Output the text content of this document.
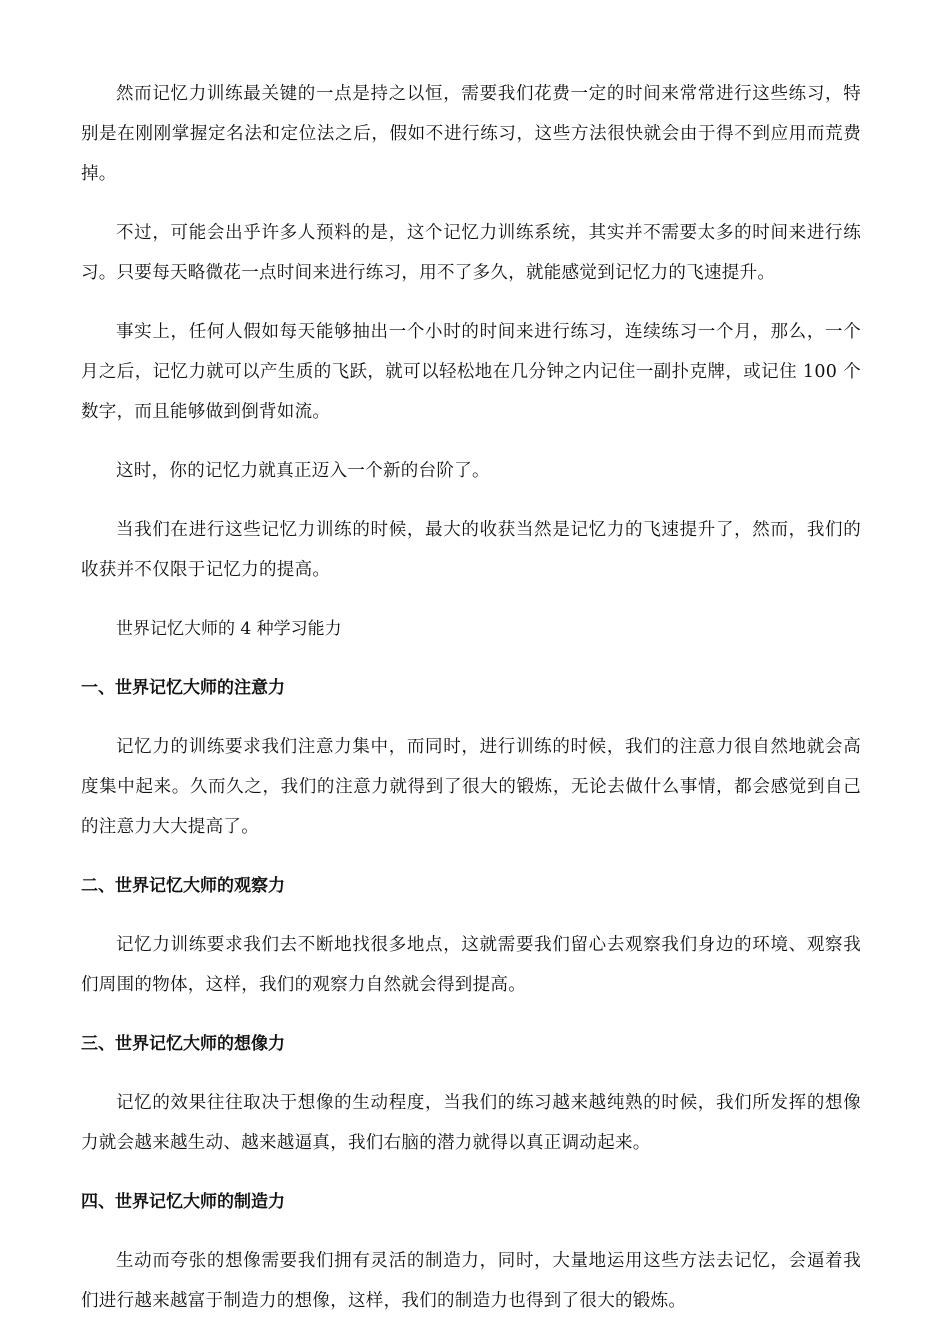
然而记忆力训练最关键的一点是持之以恒，需要我们花费一定的时间来常常进行这些练习，特别是在刚刚掌握定名法和定位法之后，假如不进行练习，这些方法很快就会由于得不到应用而荒费掉。

不过，可能会出乎许多人预料的是，这个记忆力训练系统，其实并不需要太多的时间来进行练习。只要每天略微花一点时间来进行练习，用不了多久，就能感觉到记忆力的飞速提升。

事实上，任何人假如每天能够抽出一个小时的时间来进行练习，连续练习一个月，那么，一个月之后，记忆力就可以产生质的飞跃，就可以轻松地在几分钟之内记住一副扑克牌，或记住 100 个数字，而且能够做到倒背如流。

这时，你的记忆力就真正迈入一个新的台阶了。

当我们在进行这些记忆力训练的时候，最大的收获当然是记忆力的飞速提升了，然而，我们的收获并不仅限于记忆力的提高。

世界记忆大师的 4 种学习能力

一、世界记忆大师的注意力

记忆力的训练要求我们注意力集中，而同时，进行训练的时候，我们的注意力很自然地就会高度集中起来。久而久之，我们的注意力就得到了很大的锻炼，无论去做什么事情，都会感觉到自己的注意力大大提高了。

二、世界记忆大师的观察力

记忆力训练要求我们去不断地找很多地点，这就需要我们留心去观察我们身边的环境、观察我们周围的物体，这样，我们的观察力自然就会得到提高。

三、世界记忆大师的想像力

记忆的效果往往取决于想像的生动程度，当我们的练习越来越纯熟的时候，我们所发挥的想像力就会越来越生动、越来越逼真，我们右脑的潜力就得以真正调动起来。

四、世界记忆大师的制造力

生动而夸张的想像需要我们拥有灵活的制造力，同时，大量地运用这些方法去记忆，会逼着我们进行越来越富于制造力的想像，这样，我们的制造力也得到了很大的锻炼。
